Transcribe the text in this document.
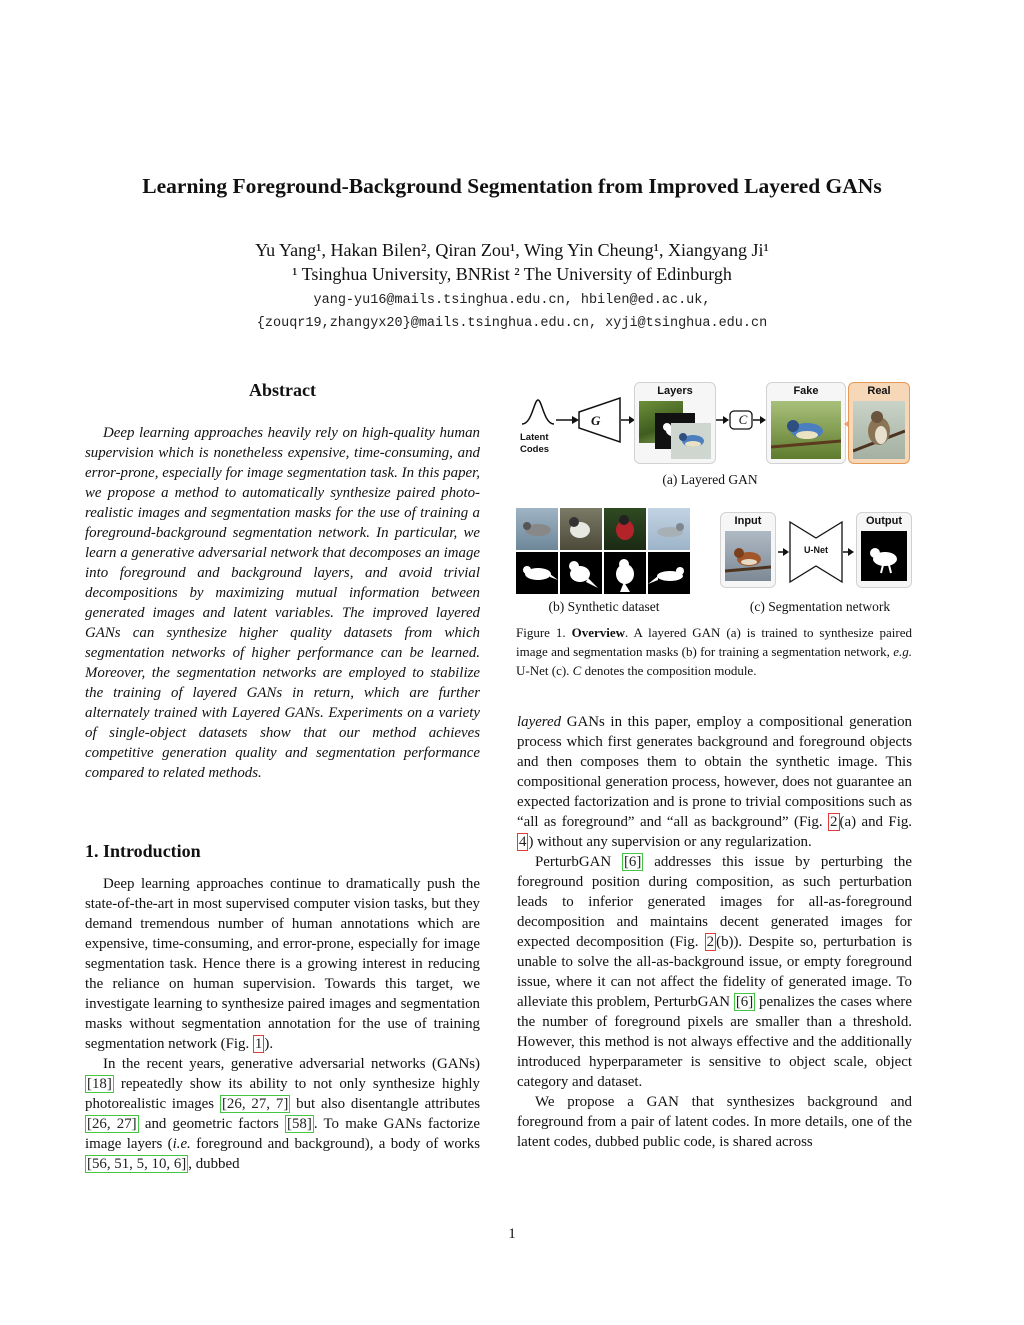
Learning Foreground-Background Segmentation from Improved Layered GANs
Yu Yang¹, Hakan Bilen², Qiran Zou¹, Wing Yin Cheung¹, Xiangyang Ji¹
¹ Tsinghua University, BNRist ² The University of Edinburgh
yang-yu16@mails.tsinghua.edu.cn, hbilen@ed.ac.uk,
{zouqr19,zhangyx20}@mails.tsinghua.edu.cn, xyji@tsinghua.edu.cn
Abstract

Deep learning approaches heavily rely on high-quality human supervision which is nonetheless expensive, time-consuming, and error-prone, especially for image segmentation task. In this paper, we propose a method to automatically synthesize paired photo-realistic images and segmentation masks for the use of training a foreground-background segmentation network. In particular, we learn a generative adversarial network that decomposes an image into foreground and background layers, and avoid trivial decompositions by maximizing mutual information between generated images and latent variables. The improved layered GANs can synthesize higher quality datasets from which segmentation networks of higher performance can be learned. Moreover, the segmentation networks are employed to stabilize the training of layered GANs in return, which are further alternately trained with Layered GANs. Experiments on a variety of single-object datasets show that our method achieves competitive generation quality and segmentation performance compared to related methods.

1. Introduction

Deep learning approaches continue to dramatically push the state-of-the-art in most supervised computer vision tasks, but they demand tremendous number of human annotations which are expensive, time-consuming, and error-prone, especially for image segmentation task. Hence there is a growing interest in reducing the reliance on human supervision. Towards this target, we investigate learning to synthesize paired images and segmentation masks without segmentation annotation for the use of training segmentation network (Fig. 1 ).

In the recent years, generative adversarial networks (GANs) [18] repeatedly show its ability to not only synthesize highly photorealistic images [26, 27, 7] but also disentangle attributes [26, 27] and geometric factors [58] . To make GANs factorize image layers (i.e. foreground and background), a body of works [56, 51, 5, 10, 6] , dubbed

G
Latent
Codes
Layers
C
Fake	Real
(a) Layered GAN
(b) Synthetic dataset
Input
U-Net
Output
(c) Segmentation network
Figure 1. Overview. A layered GAN (a) is trained to synthesize paired image and segmentation masks (b) for training a segmentation network, e.g. U-Net (c). C denotes the composition module.

layered GANs in this paper, employ a compositional generation process which first generates background and foreground objects and then composes them to obtain the synthetic image. This compositional generation process, however, does not guarantee an expected factorization and is prone to trivial compositions such as “all as foreground” and “all as background” (Fig. 2 (a) and Fig. 4 ) without any supervision or any regularization.

PerturbGAN [6] addresses this issue by perturbing the foreground position during composition, as such perturbation leads to inferior generated images for all-as-foreground decomposition and maintains decent generated images for expected decomposition (Fig. 2 (b)). Despite so, perturbation is unable to solve the all-as-background issue, or empty foreground issue, where it can not affect the fidelity of generated image. To alleviate this problem, PerturbGAN [6] penalizes the cases where the number of foreground pixels are smaller than a threshold. However, this method is not always effective and the additionally introduced hyperparameter is sensitive to object scale, object category and dataset.

We propose a GAN that synthesizes background and foreground from a pair of latent codes. In more details, one of the latent codes, dubbed public code, is shared across

1
